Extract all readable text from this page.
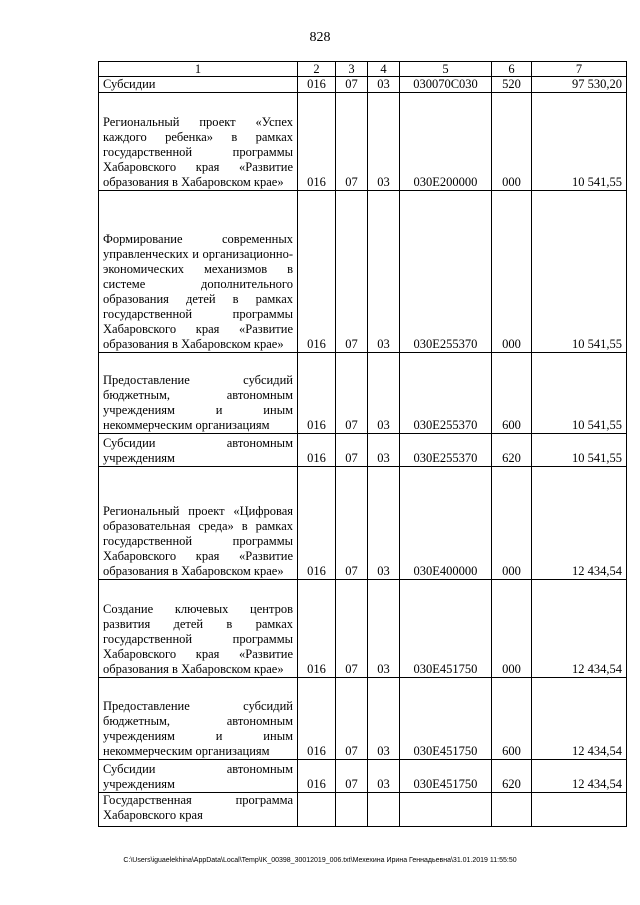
828
1	2	3	4	5	6	7
Субсидии	016	07	03	030070С030	520	97 530,20
Региональный проект «Успех каждого ребенка» в рамках государственной программы Хабаровского края «Развитие образования в Хабаровском крае»	016	07	03	030Е200000	000	10 541,55
Формирование современных управленческих и организационно-экономических механизмов в системе дополнительного образования детей в рамках государственной программы Хабаровского края «Развитие образования в Хабаровском крае»	016	07	03	030Е255370	000	10 541,55
Предоставление субсидий бюджетным, автономным учреждениям и иным некоммерческим организациям	016	07	03	030Е255370	600	10 541,55
Субсидии автономным учреждениям	016	07	03	030Е255370	620	10 541,55
Региональный проект «Цифровая образовательная среда» в рамках государственной программы Хабаровского края «Развитие образования в Хабаровском крае»	016	07	03	030Е400000	000	12 434,54
Создание ключевых центров развития детей в рамках государственной программы Хабаровского края «Развитие образования в Хабаровском крае»	016	07	03	030Е451750	000	12 434,54
Предоставление субсидий бюджетным, автономным учреждениям и иным некоммерческим организациям	016	07	03	030Е451750	600	12 434,54
Субсидии автономным учреждениям	016	07	03	030Е451750	620	12 434,54
Государственная программа Хабаровского края						
C:\Users\iguaelekhina\AppData\Local\Temp\IK_00398_30012019_006.txt\Мехехина Ирина Геннадьевна\31.01.2019 11:55:50
